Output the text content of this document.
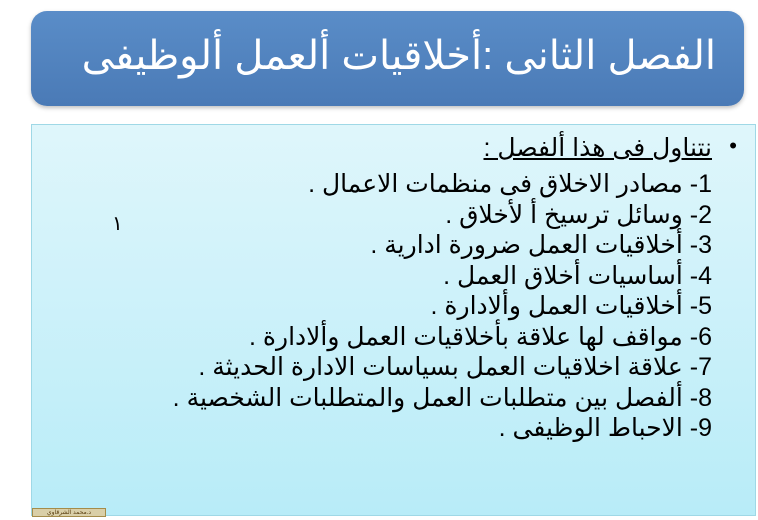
الفصل الثانى :أخلاقيات ألعمل ألوظيفى
•
نتناول فى هذا ألفصل :
1- مصادر الاخلاق فى منظمات الاعمال .
2- وسائل ترسيخ أ لأخلاق .
3- أخلاقيات العمل ضرورة ادارية .
4- أساسيات أخلاق العمل .
5- أخلاقيات العمل وألادارة .
6- مواقف لها علاقة بأخلاقيات العمل وألادارة .
7- علاقة اخلاقيات العمل بسياسات الادارة الحديثة .
8- ألفصل بين متطلبات العمل والمتطلبات الشخصية .
9- الاحباط الوظيفى .
١
د.محمد الشرقاوي
